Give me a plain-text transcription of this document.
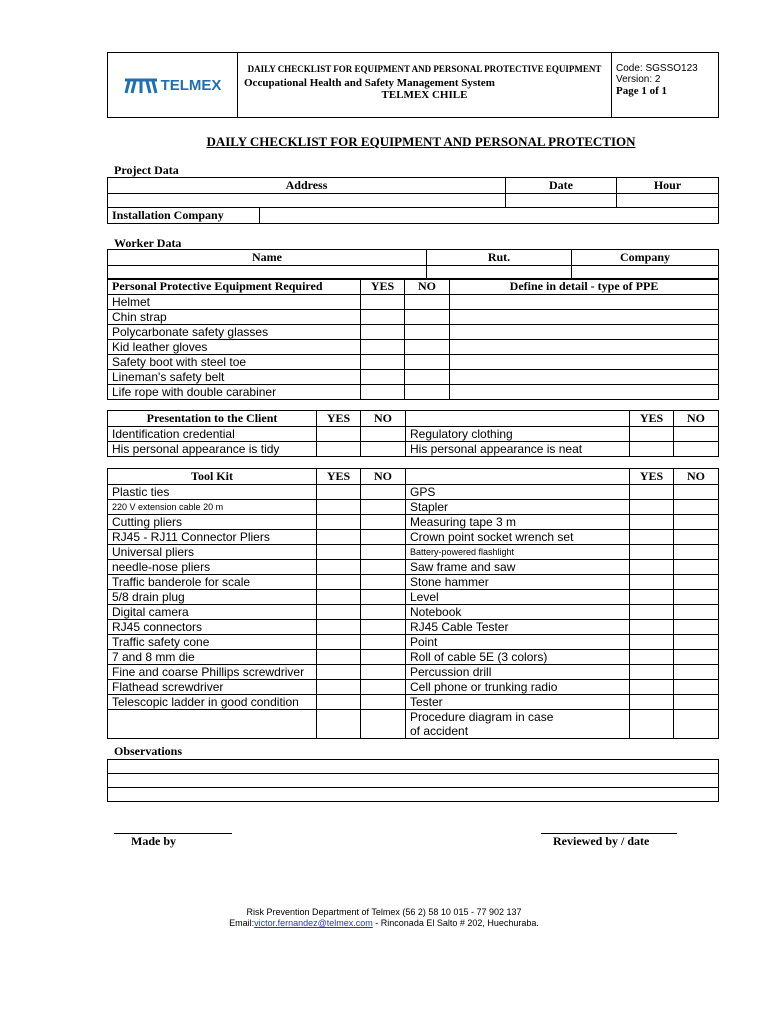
TELMEX

DAILY CHECKLIST FOR EQUIPMENT AND PERSONAL PROTECTIVE EQUIPMENT
Occupational Health and Safety Management System
TELMEX CHILE

Code: SGSSO123
Version: 2
Page 1 of 1
DAILY CHECKLIST FOR EQUIPMENT AND PERSONAL PROTECTION
Project Data
Address		Date	Hour

Installation Company			
Worker Data
Name	Rut.	Company

Personal Protective Equipment Required	YES	NO	Define in detail - type of PPE
Helmet			
Chin strap			
Polycarbonate safety glasses			
Kid leather gloves			
Safety boot with steel toe			
Lineman's safety belt			
Life rope with double carabiner			
Presentation to the Client	YES	NO		YES	NO
Identification credential			Regulatory clothing		
His personal appearance is tidy			His personal appearance is neat		
Tool Kit	YES	NO		YES	NO
Plastic ties			GPS		
220 V extension cable 20 m			Stapler		
Cutting pliers			Measuring tape 3 m		
RJ45 - RJ11 Connector Pliers			Crown point socket wrench set		
Universal pliers			Battery-powered flashlight		
needle-nose pliers			Saw frame and saw		
Traffic banderole for scale			Stone hammer		
5/8 drain plug			Level		
Digital camera			Notebook		
RJ45 connectors			RJ45 Cable Tester		
Traffic safety cone			Point		
7 and 8 mm die			Roll of cable 5E (3 colors)		
Fine and coarse Phillips screwdriver			Percussion drill		
Flathead screwdriver			Cell phone or trunking radio		
Telescopic ladder in good condition			Tester		

			Procedure diagram in case
of accident		

Observations

Made by	Reviewed by / date
Risk Prevention Department of Telmex (56 2) 58 10 015 - 77 902 137
Email:victor.fernandez@telmex.com - Rinconada El Salto # 202, Huechuraba.
